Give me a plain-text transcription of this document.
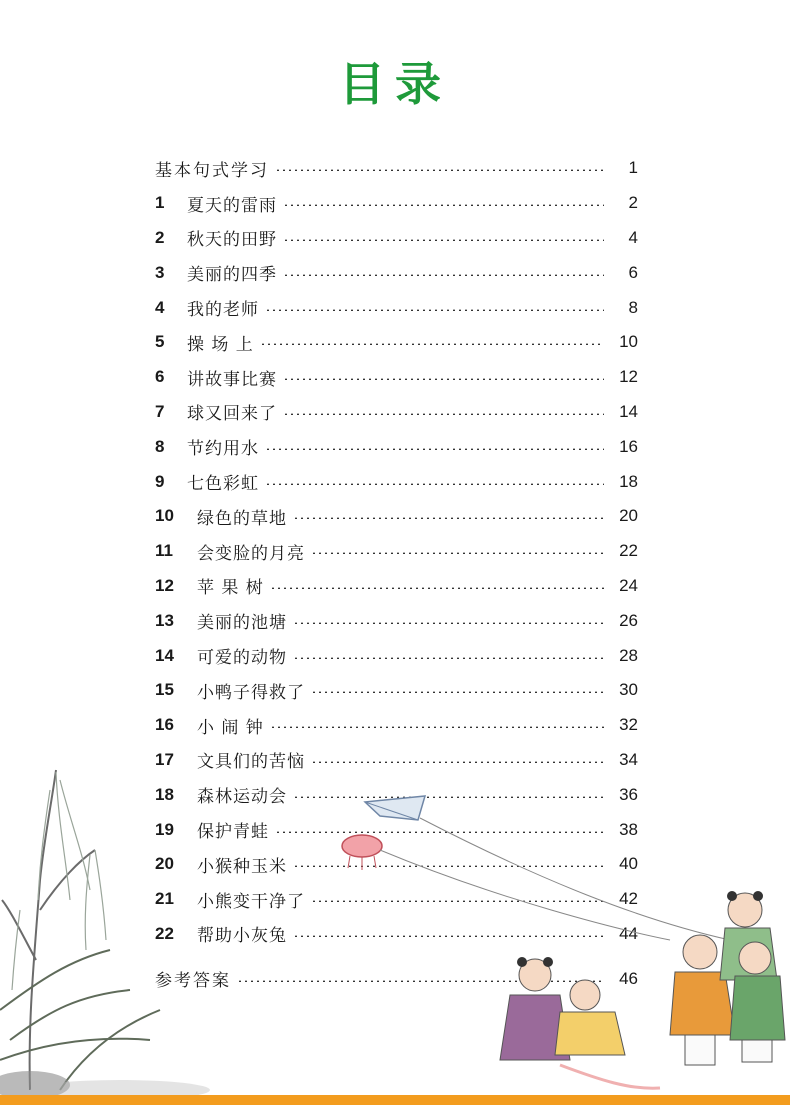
目录
基本句式学习	1
1	夏天的雷雨	2
2	秋天的田野	4
3	美丽的四季	6
4	我的老师	8
5	操 场 上	10
6	讲故事比赛	12
7	球又回来了	14
8	节约用水	16
9	七色彩虹	18
10	绿色的草地	20
11	会变脸的月亮	22
12	苹 果 树	24
13	美丽的池塘	26
14	可爱的动物	28
15	小鸭子得救了	30
16	小 闹 钟	32
17	文具们的苦恼	34
18	森林运动会	36
19	保护青蛙	38
20	小猴种玉米	40
21	小熊变干净了	42
22	帮助小灰兔	44
参考答案	46
